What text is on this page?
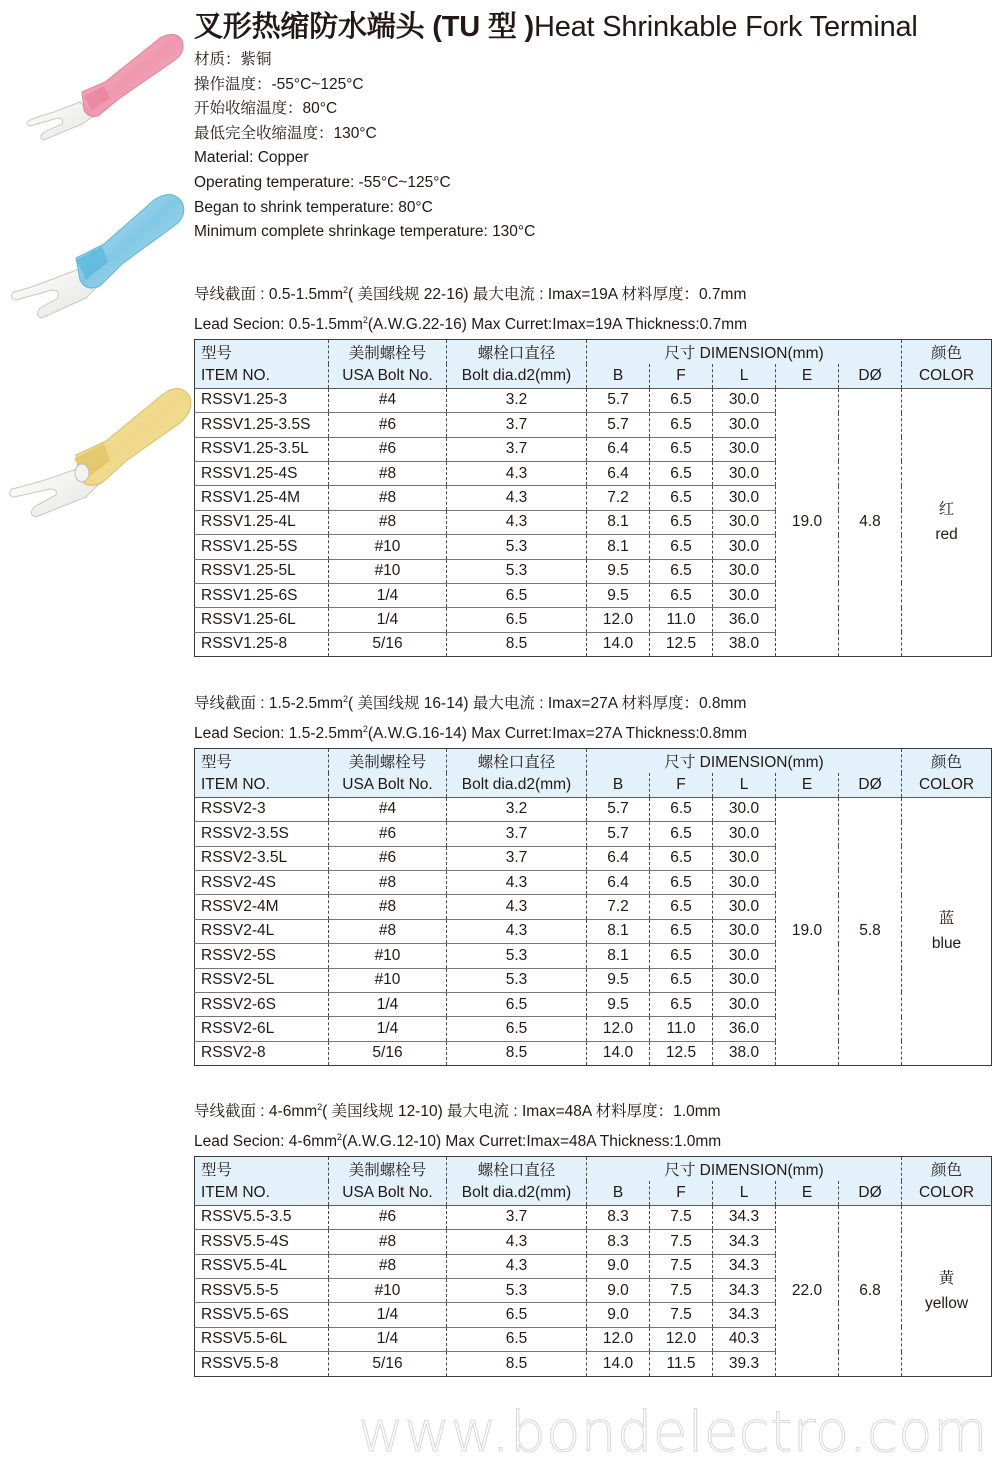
叉形热缩防水端头 (TU 型 )Heat Shrinkable Fork Terminal
材质：紫铜
操作温度：-55°C~125°C
开始收缩温度：80°C
最低完全收缩温度：130°C
Material: Copper
Operating temperature: -55°C~125°C
Began to shrink temperature: 80°C
Minimum complete shrinkage temperature: 130°C
导线截面 : $0.5-1.5mm^2$( 美国线规 22-16) 最大电流 : Imax=19A 材料厚度：0.7mm
Lead Secion: $0.5-1.5mm^2(A.W.G.22-16)$ Max Curret:Imax=19A Thickness:0.7mm
型号	美制螺栓号	螺栓口直径	尺寸 DIMENSION(mm)					颜色
ITEM NO.	USA Bolt No.	Bolt dia.d2(mm)	B	F	L	E	DØ	COLOR
RSSV1.25-3	#4	3.2	5.7	6.5	30.0	19.0	4.8	红
red

RSSV1.25-3.5S	#6	3.7	5.7	6.5	30.0			
RSSV1.25-3.5L	#6	3.7	6.4	6.5	30.0			
RSSV1.25-4S	#8	4.3	6.4	6.5	30.0			
RSSV1.25-4M	#8	4.3	7.2	6.5	30.0			
RSSV1.25-4L	#8	4.3	8.1	6.5	30.0			
RSSV1.25-5S	#10	5.3	8.1	6.5	30.0			
RSSV1.25-5L	#10	5.3	9.5	6.5	30.0			
RSSV1.25-6S	1/4	6.5	9.5	6.5	30.0			
RSSV1.25-6L	1/4	6.5	12.0	11.0	36.0			
RSSV1.25-8	5/16	8.5	14.0	12.5	38.0			
型号	美制螺栓号	螺栓口直径	尺寸 DIMENSION(mm)					颜色
ITEM NO.	USA Bolt No.	Bolt dia.d2(mm)	B	F	L	E	DØ	COLOR
RSSV2-3	#4	3.2	5.7	6.5	30.0	19.0	5.8	蓝
blue

RSSV2-3.5S	#6	3.7	5.7	6.5	30.0			
RSSV2-3.5L	#6	3.7	6.4	6.5	30.0			
RSSV2-4S	#8	4.3	6.4	6.5	30.0			
RSSV2-4M	#8	4.3	7.2	6.5	30.0			
RSSV2-4L	#8	4.3	8.1	6.5	30.0			
RSSV2-5S	#10	5.3	8.1	6.5	30.0			
RSSV2-5L	#10	5.3	9.5	6.5	30.0			
RSSV2-6S	1/4	6.5	9.5	6.5	30.0			
RSSV2-6L	1/4	6.5	12.0	11.0	36.0			
RSSV2-8	5/16	8.5	14.0	12.5	38.0			
型号	美制螺栓号	螺栓口直径	尺寸 DIMENSION(mm)					颜色
ITEM NO.	USA Bolt No.	Bolt dia.d2(mm)	B	F	L	E	DØ	COLOR
RSSV5.5-3.5	#6	3.7	8.3	7.5	34.3	22.0	6.8	黄
yellow

RSSV5.5-4S	#8	4.3	8.3	7.5	34.3			
RSSV5.5-4L	#8	4.3	9.0	7.5	34.3			
RSSV5.5-5	#10	5.3	9.0	7.5	34.3			
RSSV5.5-6S	1/4	6.5	9.0	7.5	34.3			
RSSV5.5-6L	1/4	6.5	12.0	12.0	40.3			
RSSV5.5-8	5/16	8.5	14.0	11.5	39.3			
导线截面 : $1.5-2.5mm^2$( 美国线规 16-14) 最大电流 : Imax=27A 材料厚度：0.8mm
Lead Secion: $1.5-2.5mm^2(A.W.G.16-14)$ Max Curret:Imax=27A Thickness:0.8mm
导线截面 : $4-6mm^2$( 美国线规 12-10) 最大电流 : Imax=48A 材料厚度：1.0mm
Lead Secion: $4-6mm^2(A.W.G.12-10)$ Max Curret:Imax=48A Thickness:1.0mm
www.bondelectro.com
